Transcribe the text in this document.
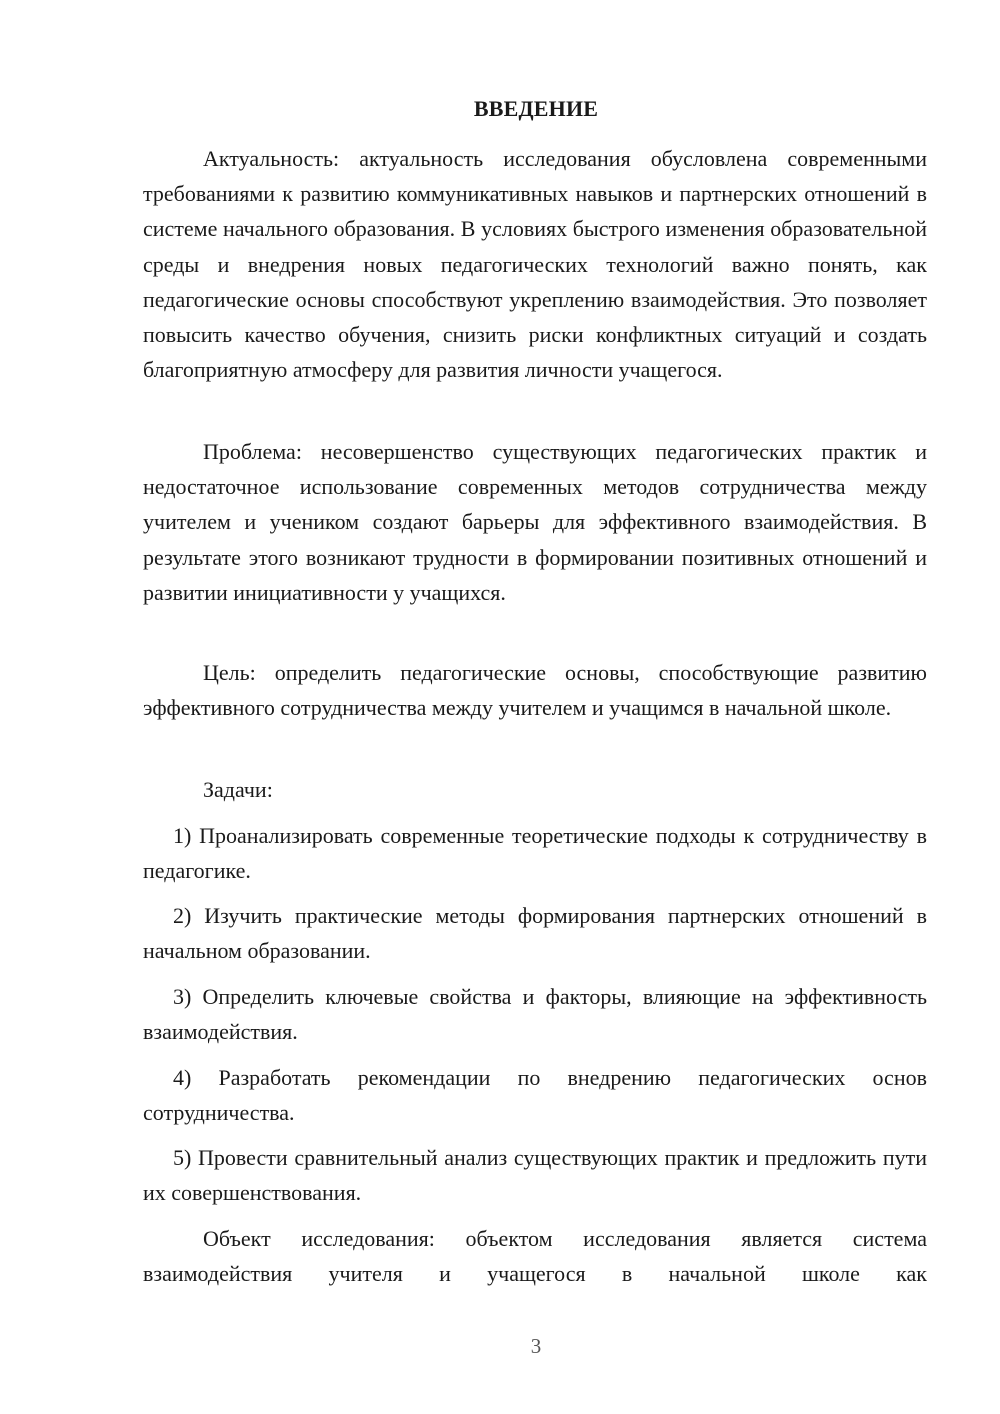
ВВЕДЕНИЕ

Актуальность: актуальность исследования обусловлена современными требованиями к развитию коммуникативных навыков и партнерских отношений в системе начального образования. В условиях быстрого изменения образовательной среды и внедрения новых педагогических технологий важно понять, как педагогические основы способствуют укреплению взаимодействия. Это позволяет повысить качество обучения, снизить риски конфликтных ситуаций и создать благоприятную атмосферу для развития личности учащегося.

Проблема: несовершенство существующих педагогических практик и недостаточное использование современных методов сотрудничества между учителем и учеником создают барьеры для эффективного взаимодействия. В результате этого возникают трудности в формировании позитивных отношений и развитии инициативности у учащихся.

Цель: определить педагогические основы, способствующие развитию эффективного сотрудничества между учителем и учащимся в начальной школе.

Задачи:

1) Проанализировать современные теоретические подходы к сотрудничеству в педагогике.

2) Изучить практические методы формирования партнерских отношений в начальном образовании.

3) Определить ключевые свойства и факторы, влияющие на эффективность взаимодействия.

4) Разработать рекомендации по внедрению педагогических основ сотрудничества.

5) Провести сравнительный анализ существующих практик и предложить пути их совершенствования.

Объект исследования: объектом исследования является система взаимодействия учителя и учащегося в начальной школе как

3
